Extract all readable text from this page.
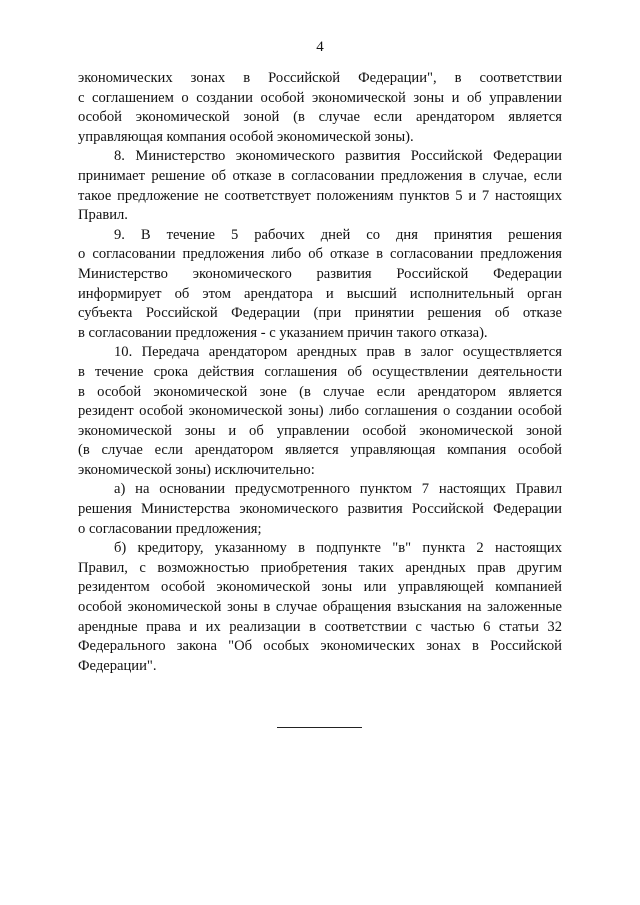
4

экономических зонах в Российской Федерации", в соответствии

с соглашением о создании особой экономической зоны и об управлении

особой экономической зоной (в случае если арендатором является

управляющая компания особой экономической зоны).

8. Министерство экономического развития Российской Федерации

принимает решение об отказе в согласовании предложения в случае, если

такое предложение не соответствует положениям пунктов 5 и 7 настоящих

Правил.

9. В течение 5 рабочих дней со дня принятия решения

о согласовании предложения либо об отказе в согласовании предложения

Министерство экономического развития Российской Федерации

информирует об этом арендатора и высший исполнительный орган

субъекта Российской Федерации (при принятии решения об отказе

в согласовании предложения - с указанием причин такого отказа).

10. Передача арендатором арендных прав в залог осуществляется

в течение срока действия соглашения об осуществлении деятельности

в особой экономической зоне (в случае если арендатором является

резидент особой экономической зоны) либо соглашения о создании особой

экономической зоны и об управлении особой экономической зоной

(в случае если арендатором является управляющая компания особой

экономической зоны) исключительно:

а) на основании предусмотренного пунктом 7 настоящих Правил

решения Министерства экономического развития Российской Федерации

о согласовании предложения;

б) кредитору, указанному в подпункте "в" пункта 2 настоящих

Правил, с возможностью приобретения таких арендных прав другим

резидентом особой экономической зоны или управляющей компанией

особой экономической зоны в случае обращения взыскания на заложенные

арендные права и их реализации в соответствии с частью 6 статьи 32

Федерального закона "Об особых экономических зонах в Российской

Федерации".
